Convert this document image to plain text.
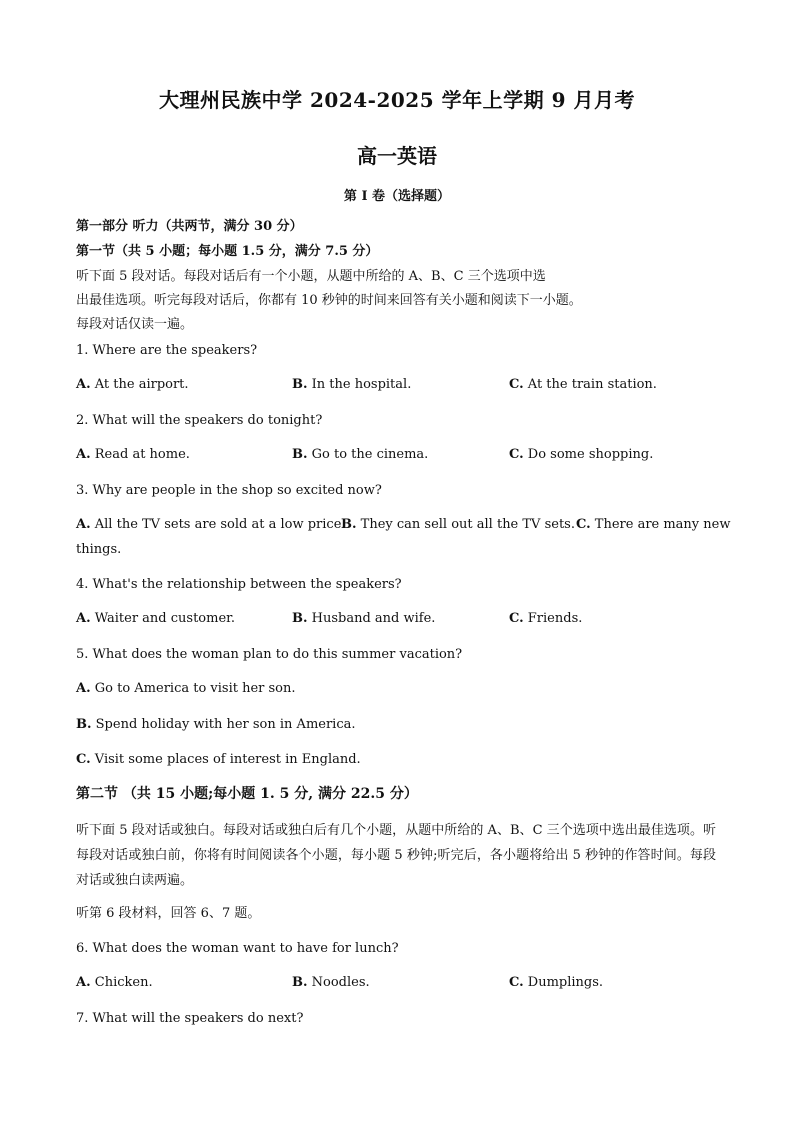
大理州民族中学 2024-2025 学年上学期 9 月月考
高一英语
第 I 卷（选择题）
第一部分 听力（共两节，满分 30 分）
第一节（共 5 小题；每小题 1.5 分，满分 7.5 分）
听下面 5 段对话。每段对话后有一个小题，从题中所给的 A、B、C 三个选项中选
出最佳选项。听完每段对话后，你都有 10 秒钟的时间来回答有关小题和阅读下一小题。
每段对话仅读一遍。
1. Where are the speakers?
A. At the airport.	B. In the hospital.	C. At the train station.
2. What will the speakers do tonight?
A. Read at home.	B. Go to the cinema.	C. Do some shopping.
3. Why are people in the shop so excited now?
A. All the TV sets are sold at a low price.
B. They can sell out all the TV sets. C. There are many new
things.
4. What's the relationship between the speakers?
A. Waiter and customer.	B. Husband and wife.	C. Friends.
5. What does the woman plan to do this summer vacation?
A. Go to America to visit her son.
B. Spend holiday with her son in America.
C. Visit some places of interest in England.
第二节 （共 15 小题;每小题 1. 5 分, 满分 22.5 分）
听下面 5 段对话或独白。每段对话或独白后有几个小题，从题中所给的 A、B、C 三个选项中选出最佳选项。听每段对话或独白前，你将有时间阅读各个小题，每小题 5 秒钟;听完后，各小题将给出 5 秒钟的作答时间。每段对话或独白读两遍。
听第 6 段材料，回答 6、7 题。
6. What does the woman want to have for lunch?
A. Chicken.	B. Noodles.	C. Dumplings.
7. What will the speakers do next?
